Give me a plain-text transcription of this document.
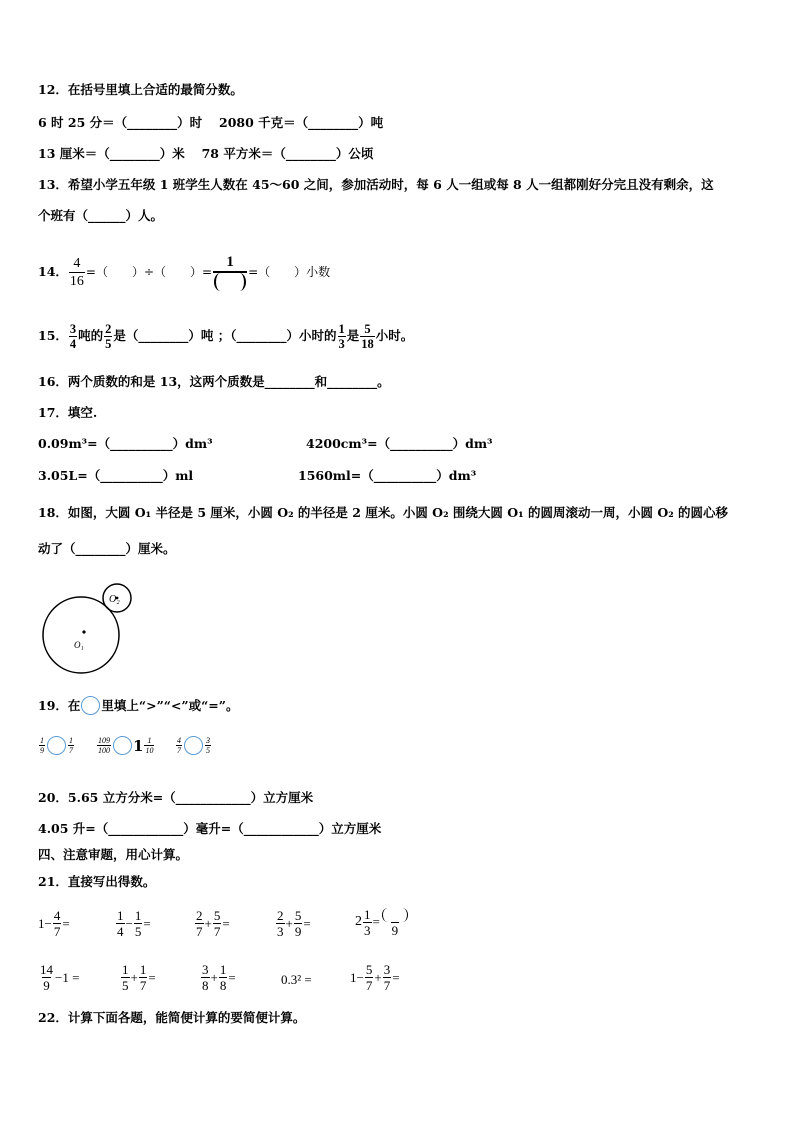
12．在括号里填上合适的最简分数。
6 时 25 分＝（________）时　 2080 千克＝（________）吨
13 厘米＝（________）米　 78 平方米＝（________）公顷
13．希望小学五年级 1 班学生人数在 45～60 之间，参加活动时，每 6 人一组或每 8 人一组都刚好分完且没有剩余，这
个班有（______）人。
14． $\frac{4}{16}$ =（　　）÷（　　）=
1
=（　　）小数
15． $\frac{3}{4}$ 吨的 $\frac{2}{5}$ 是（________）吨 ；（________）小时的 $\frac{1}{3}$ 是 $\frac{5}{18}$ 小时。
16．两个质数的和是 13，这两个质数是________和________。
17．填空.
0.09m³=（__________）dm³	4200cm³=（__________）dm³
3.05L=（__________）ml	1560ml=（__________）dm³
18．如图，大圆 O₁ 半径是 5 厘米，小圆 O₂ 的半径是 2 厘米。小圆 O₂ 围绕大圆 O₁ 的圆周滚动一周，小圆 O₂ 的圆心移
动了（________）厘米。
O₁
O₂
19．在 里填上“>”“<”或“=”。
$\frac{1}{9}$	$\frac{1}{7}$	$\frac{109}{100} 1 \frac{1}{10}$	$\frac{4}{7}$	$\frac{3}{5}$
20．5.65 立方分米=（____________）立方厘米
4.05 升=（____________）毫升=（____________）立方厘米
四、注意审题，用心计算。
21．直接写出得数。
$1- \frac{4}{7}$ =	$\frac{1}{4} - \frac{1}{5}$ =	$\frac{2}{7} + \frac{5}{7}$ =	$\frac{2}{3} + \frac{5}{9}$ =	$2 \frac{1}{3}$ =
9
$\frac{14}{9} -1$ =	$\frac{1}{5} + \frac{1}{7}$ =	$\frac{3}{8} + \frac{1}{8}$ =	0.3² =	$1- \frac{5}{7} + \frac{3}{7}$ =
22．计算下面各题，能简便计算的要简便计算。
